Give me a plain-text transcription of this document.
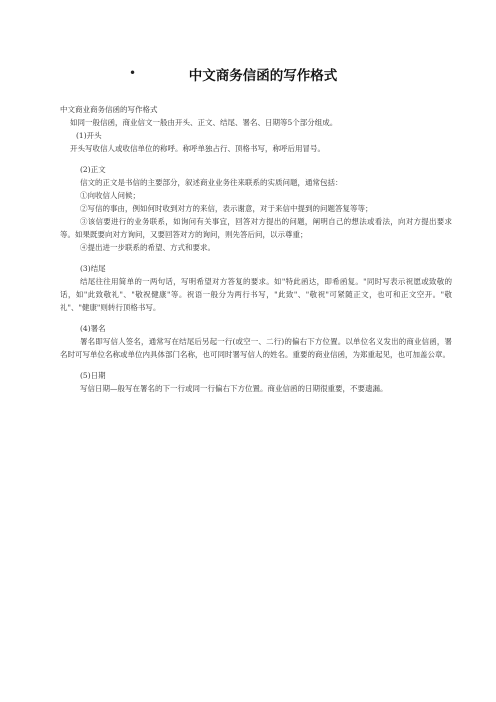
•	中文商务信函的写作格式

中文商业商务信函的写作格式

如同一般信函，商业信文一般由开头、正文、结尾、署名、日期等5个部分组成。

(1)开头

开头写收信人或收信单位的称呼。称呼单独占行、顶格书写，称呼后用冒号。

(2)正文

信文的正文是书信的主要部分，叙述商业业务往来联系的实质问题，通常包括：

①向收信人问候；

②写信的事由，例如何时收到对方的来信，表示谢意，对于来信中提到的问题答复等等；

③该信要进行的业务联系，如询问有关事宜，回答对方提出的问题，阐明自己的想法或看法，向对方提出要求等。如果既要向对方询问，又要回答对方的询问，则先答后问，以示尊重；

④提出进一步联系的希望、方式和要求。

(3)结尾

结尾往往用简单的一两句话，写明希望对方答复的要求。如"特此函达，即希函复。"同时写表示祝愿或致敬的话，如"此致敬礼"、"敬祝健康"等。祝语一般分为两行书写，"此致"、"敬祝"可紧随正文，也可和正文空开。"敬礼"、"健康"则转行顶格书写。

(4)署名

署名即写信人签名，通常写在结尾后另起一行(或空一、二行)的偏右下方位置。以单位名义发出的商业信函，署名时可写单位名称或单位内具体部门名称，也可同时署写信人的姓名。重要的商业信函，为郑重起见，也可加盖公章。

(5)日期

写信日期—般写在署名的下一行或同一行偏右下方位置。商业信函的日期很重要，不要遗漏。
